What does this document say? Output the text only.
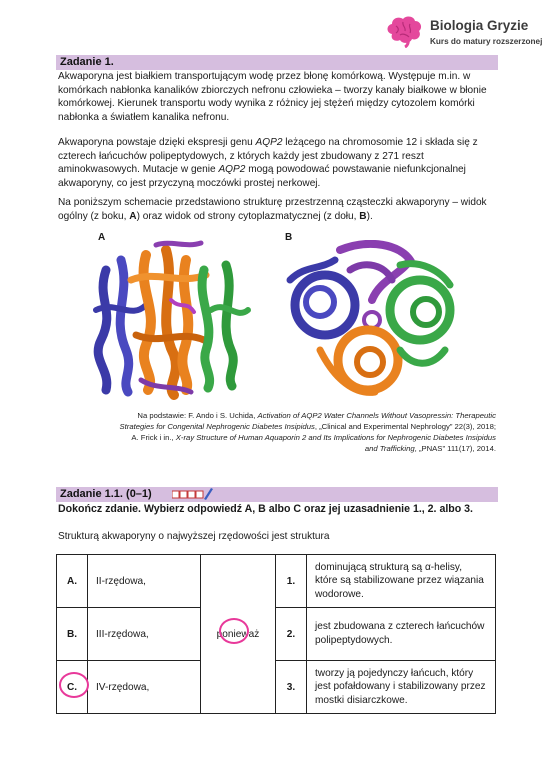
Biologia Gryzie
Kurs do matury rozszerzonej
Zadanie 1.
Akwaporyna jest białkiem transportującym wodę przez błonę komórkową. Występuje m.in. w komórkach nabłonka kanalików zbiorczych nefronu człowieka – tworzy kanały białkowe w błonie komórkowej. Kierunek transportu wody wynika z różnicy jej stężeń między cytozolem komórki nabłonka a światłem kanalika nefronu.
Akwaporyna powstaje dzięki ekspresji genu AQP2 leżącego na chromosomie 12 i składa się z czterech łańcuchów polipeptydowych, z których każdy jest zbudowany z 271 reszt aminokwasowych. Mutacje w genie AQP2 mogą powodować powstawanie niefunkcjonalnej akwaporyny, co jest przyczyną moczówki prostej nerkowej.
Na poniższym schemacie przedstawiono strukturę przestrzenną cząsteczki akwaporyny – widok ogólny (z boku, A) oraz widok od strony cytoplazmatycznej (z dołu, B).
A	B
Na podstawie: F. Ando i S. Uchida, Activation of AQP2 Water Channels Without Vasopressin: Therapeutic
Strategies for Congenital Nephrogenic Diabetes Insipidus, „Clinical and Experimental Nephrology” 22(3), 2018;
A. Frick i in., X-ray Structure of Human Aquaporin 2 and Its Implications for Nephrogenic Diabetes Insipidus
and Trafficking, „PNAS” 111(17), 2014.
Zadanie 1.1. (0–1)
Dokończ zdanie. Wybierz odpowiedź A, B albo C oraz jej uzasadnienie 1., 2. albo 3.
Strukturą akwaporyny o najwyższej rzędowości jest struktura
A.	II-rzędowa,	ponieważ	1.	dominującą strukturą są α-helisy, które są stabilizowane przez wiązania wodorowe.
B.	III-rzędowa,		2.	jest zbudowana z czterech łańcuchów polipeptydowych.
C.	IV-rzędowa,		3.	tworzy ją pojedynczy łańcuch, który jest pofałdowany i stabilizowany przez mostki disiarczkowe.
